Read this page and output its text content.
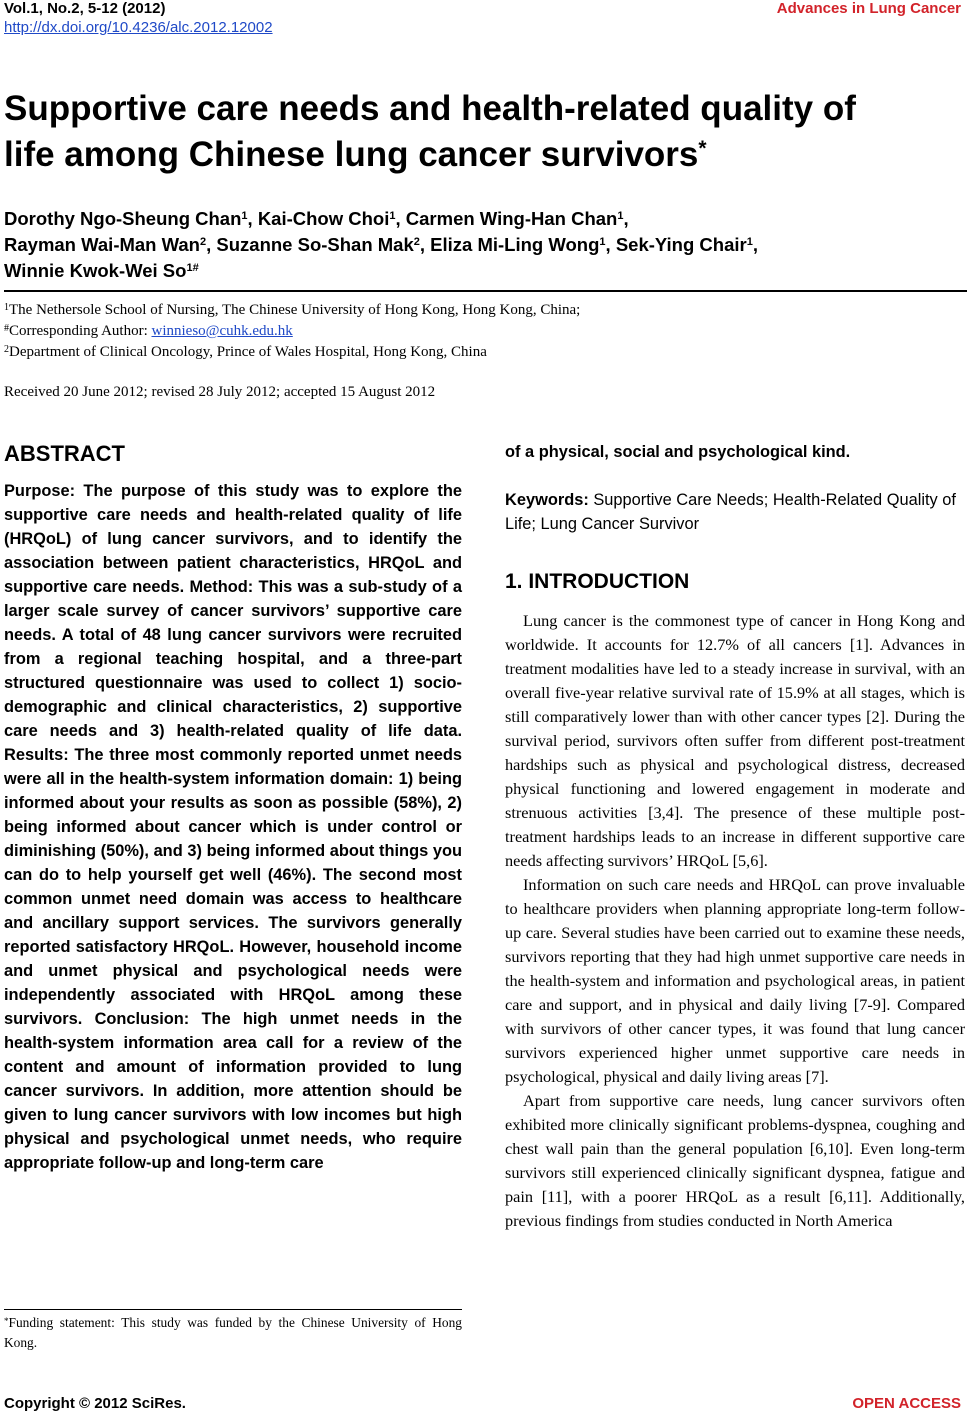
Vol.1, No.2, 5-12 (2012)
http://dx.doi.org/10.4236/alc.2012.12002
Advances in Lung Cancer
Supportive care needs and health-related quality of
life among Chinese lung cancer survivors*
Dorothy Ngo-Sheung Chan$^1$, Kai-Chow Choi$^1$, Carmen Wing-Han Chan$^1$,
Rayman Wai-Man Wan$^2$, Suzanne So-Shan Mak$^2$, Eliza Mi-Ling Wong$^1$, Sek-Ying Chair$^1$,
Winnie Kwok-Wei $So^{1\#}$
$^1$The Nethersole School of Nursing, The Chinese University of Hong Kong, Hong Kong, China;
#Corresponding Author: winnieso@cuhk.edu.hk
$^2$Department of Clinical Oncology, Prince of Wales Hospital, Hong Kong, China
Received 20 June 2012; revised 28 July 2012; accepted 15 August 2012
ABSTRACT
Purpose: The purpose of this study was to explore the supportive care needs and health-related quality of life (HRQoL) of lung cancer survivors, and to identify the association between patient characteristics, HRQoL and supportive care needs. Method: This was a sub-study of a larger scale survey of cancer survivors’ supportive care needs. A total of 48 lung cancer survivors were recruited from a regional teaching hospital, and a three-part structured questionnaire was used to collect 1) socio-demographic and clinical characteristics, 2) supportive care needs and 3) health-related quality of life data. Results: The three most commonly reported unmet needs were all in the health-system information domain: 1) being informed about your results as soon as possible (58%), 2) being informed about cancer which is under control or diminishing (50%), and 3) being informed about things you can do to help yourself get well (46%). The second most common unmet need domain was access to healthcare and ancillary support services. The survivors generally reported satisfactory HRQoL. However, household income and unmet physical and psychological needs were independently associated with HRQoL among these survivors. Conclusion: The high unmet needs in the health-system information area call for a review of the content and amount of information provided to lung cancer survivors. In addition, more attention should be given to lung cancer survivors with low incomes but high physical and psychological unmet needs, who require appropriate follow-up and long-term care
of a physical, social and psychological kind.
Keywords: Supportive Care Needs; Health-Related Quality of Life; Lung Cancer Survivor
1. INTRODUCTION

Lung cancer is the commonest type of cancer in Hong Kong and worldwide. It accounts for 12.7% of all cancers [1]. Advances in treatment modalities have led to a steady increase in survival, with an overall five-year relative survival rate of 15.9% at all stages, which is still comparatively lower than with other cancer types [2]. During the survival period, survivors often suffer from different post-treatment hardships such as physical and psychological distress, decreased physical functioning and lowered engagement in moderate and strenuous activities [3,4]. The presence of these multiple post-treatment hardships leads to an increase in different supportive care needs affecting survivors’ HRQoL [5,6].

Information on such care needs and HRQoL can prove invaluable to healthcare providers when planning appropriate long-term follow-up care. Several studies have been carried out to examine these needs, survivors reporting that they had high unmet supportive care needs in the health-system and information and psychological areas, in patient care and support, and in physical and daily living [7-9]. Compared with survivors of other cancer types, it was found that lung cancer survivors experienced higher unmet supportive care needs in psychological, physical and daily living areas [7].

Apart from supportive care needs, lung cancer survivors often exhibited more clinically significant problems-dyspnea, coughing and chest wall pain than the general population [6,10]. Even long-term survivors still experienced clinically significant dyspnea, fatigue and pain [11], with a poorer HRQoL as a result [6,11]. Additionally, previous findings from studies conducted in North America

*Funding statement: This study was funded by the Chinese University of Hong Kong.
Copyright © 2012 SciRes.	OPEN ACCESS
